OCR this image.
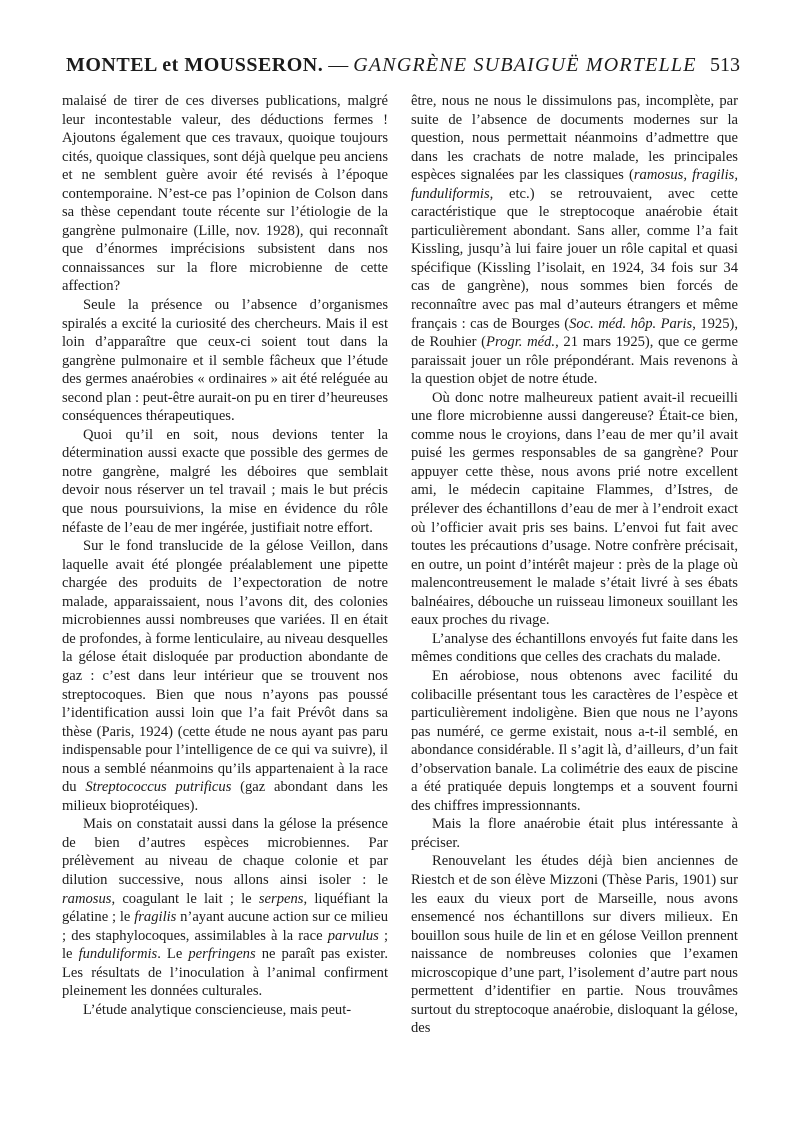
MONTEL et MOUSSERON. — GANGRÈNE SUBAIGUË MORTELLE 513

malaisé de tirer de ces diverses publications, malgré leur incontestable valeur, des déductions fermes ! Ajoutons également que ces travaux, quoique toujours cités, quoique classiques, sont déjà quelque peu anciens et ne semblent guère avoir été revisés à l’époque contemporaine. N’est-ce pas l’opinion de Colson dans sa thèse cependant toute récente sur l’étiologie de la gangrène pulmonaire (Lille, nov. 1928), qui reconnaît que d’énormes imprécisions subsistent dans nos connaissances sur la flore microbienne de cette affection?

Seule la présence ou l’absence d’organismes spiralés a excité la curiosité des chercheurs. Mais il est loin d’apparaître que ceux-ci soient tout dans la gangrène pulmonaire et il semble fâcheux que l’étude des germes anaérobies « ordinaires » ait été reléguée au second plan : peut-être aurait-on pu en tirer d’heureuses conséquences thérapeutiques.

Quoi qu’il en soit, nous devions tenter la détermination aussi exacte que possible des germes de notre gangrène, malgré les déboires que semblait devoir nous réserver un tel travail ; mais le but précis que nous poursuivions, la mise en évidence du rôle néfaste de l’eau de mer ingérée, justifiait notre effort.

Sur le fond translucide de la gélose Veillon, dans laquelle avait été plongée préalablement une pipette chargée des produits de l’expectoration de notre malade, apparaissaient, nous l’avons dit, des colonies microbiennes aussi nombreuses que variées. Il en était de profondes, à forme lenticulaire, au niveau desquelles la gélose était disloquée par production abondante de gaz : c’est dans leur intérieur que se trouvent nos streptocoques. Bien que nous n’ayons pas poussé l’identification aussi loin que l’a fait Prévôt dans sa thèse (Paris, 1924) (cette étude ne nous ayant pas paru indispensable pour l’intelligence de ce qui va suivre), il nous a semblé néanmoins qu’ils appartenaient à la race du Streptococcus putrificus (gaz abondant dans les milieux bioprotéiques).

Mais on constatait aussi dans la gélose la présence de bien d’autres espèces microbiennes. Par prélèvement au niveau de chaque colonie et par dilution successive, nous allons ainsi isoler : le ramosus, coagulant le lait ; le serpens, liquéfiant la gélatine ; le fragilis n’ayant aucune action sur ce milieu ; des staphylocoques, assimilables à la race parvulus ; le funduliformis. Le perfringens ne paraît pas exister. Les résultats de l’inoculation à l’animal confirment pleinement les données culturales.

L’étude analytique consciencieuse, mais peut-

être, nous ne nous le dissimulons pas, incomplète, par suite de l’absence de documents modernes sur la question, nous permettait néanmoins d’admettre que dans les crachats de notre malade, les principales espèces signalées par les classiques (ramosus, fragilis, funduliformis, etc.) se retrouvaient, avec cette caractéristique que le streptocoque anaérobie était particulièrement abondant. Sans aller, comme l’a fait Kissling, jusqu’à lui faire jouer un rôle capital et quasi spécifique (Kissling l’isolait, en 1924, 34 fois sur 34 cas de gangrène), nous sommes bien forcés de reconnaître avec pas mal d’auteurs étrangers et même français : cas de Bourges (Soc. méd. hôp. Paris, 1925), de Rouhier (Progr. méd., 21 mars 1925), que ce germe paraissait jouer un rôle prépondérant. Mais revenons à la question objet de notre étude.

Où donc notre malheureux patient avait-il recueilli une flore microbienne aussi dangereuse? Était-ce bien, comme nous le croyions, dans l’eau de mer qu’il avait puisé les germes responsables de sa gangrène? Pour appuyer cette thèse, nous avons prié notre excellent ami, le médecin capitaine Flammes, d’Istres, de prélever des échantillons d’eau de mer à l’endroit exact où l’officier avait pris ses bains. L’envoi fut fait avec toutes les précautions d’usage. Notre confrère précisait, en outre, un point d’intérêt majeur : près de la plage où malencontreusement le malade s’était livré à ses ébats balnéaires, débouche un ruisseau limoneux souillant les eaux proches du rivage.

L’analyse des échantillons envoyés fut faite dans les mêmes conditions que celles des crachats du malade.

En aérobiose, nous obtenons avec facilité du colibacille présentant tous les caractères de l’espèce et particulièrement indoligène. Bien que nous ne l’ayons pas numéré, ce germe existait, nous a-t-il semblé, en abondance considérable. Il s’agit là, d’ailleurs, d’un fait d’observation banale. La colimétrie des eaux de piscine a été pratiquée depuis longtemps et a souvent fourni des chiffres impressionnants.

Mais la flore anaérobie était plus intéressante à préciser.

Renouvelant les études déjà bien anciennes de Riestch et de son élève Mizzoni (Thèse Paris, 1901) sur les eaux du vieux port de Marseille, nous avons ensemencé nos échantillons sur divers milieux. En bouillon sous huile de lin et en gélose Veillon prennent naissance de nombreuses colonies que l’examen microscopique d’une part, l’isolement d’autre part nous permettent d’identifier en partie. Nous trouvâmes surtout du streptocoque anaérobie, disloquant la gélose, des
